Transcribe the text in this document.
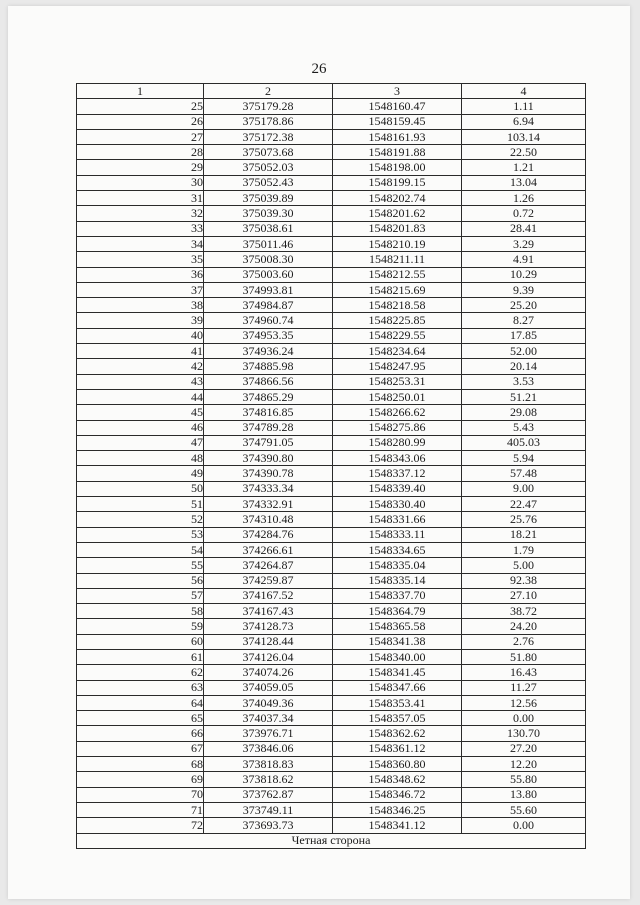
26
1	2	3	4
25	375179.28	1548160.47	1.11
26	375178.86	1548159.45	6.94
27	375172.38	1548161.93	103.14
28	375073.68	1548191.88	22.50
29	375052.03	1548198.00	1.21
30	375052.43	1548199.15	13.04
31	375039.89	1548202.74	1.26
32	375039.30	1548201.62	0.72
33	375038.61	1548201.83	28.41
34	375011.46	1548210.19	3.29
35	375008.30	1548211.11	4.91
36	375003.60	1548212.55	10.29
37	374993.81	1548215.69	9.39
38	374984.87	1548218.58	25.20
39	374960.74	1548225.85	8.27
40	374953.35	1548229.55	17.85
41	374936.24	1548234.64	52.00
42	374885.98	1548247.95	20.14
43	374866.56	1548253.31	3.53
44	374865.29	1548250.01	51.21
45	374816.85	1548266.62	29.08
46	374789.28	1548275.86	5.43
47	374791.05	1548280.99	405.03
48	374390.80	1548343.06	5.94
49	374390.78	1548337.12	57.48
50	374333.34	1548339.40	9.00
51	374332.91	1548330.40	22.47
52	374310.48	1548331.66	25.76
53	374284.76	1548333.11	18.21
54	374266.61	1548334.65	1.79
55	374264.87	1548335.04	5.00
56	374259.87	1548335.14	92.38
57	374167.52	1548337.70	27.10
58	374167.43	1548364.79	38.72
59	374128.73	1548365.58	24.20
60	374128.44	1548341.38	2.76
61	374126.04	1548340.00	51.80
62	374074.26	1548341.45	16.43
63	374059.05	1548347.66	11.27
64	374049.36	1548353.41	12.56
65	374037.34	1548357.05	0.00
66	373976.71	1548362.62	130.70
67	373846.06	1548361.12	27.20
68	373818.83	1548360.80	12.20
69	373818.62	1548348.62	55.80
70	373762.87	1548346.72	13.80
71	373749.11	1548346.25	55.60
72	373693.73	1548341.12	0.00
Четная сторона			
